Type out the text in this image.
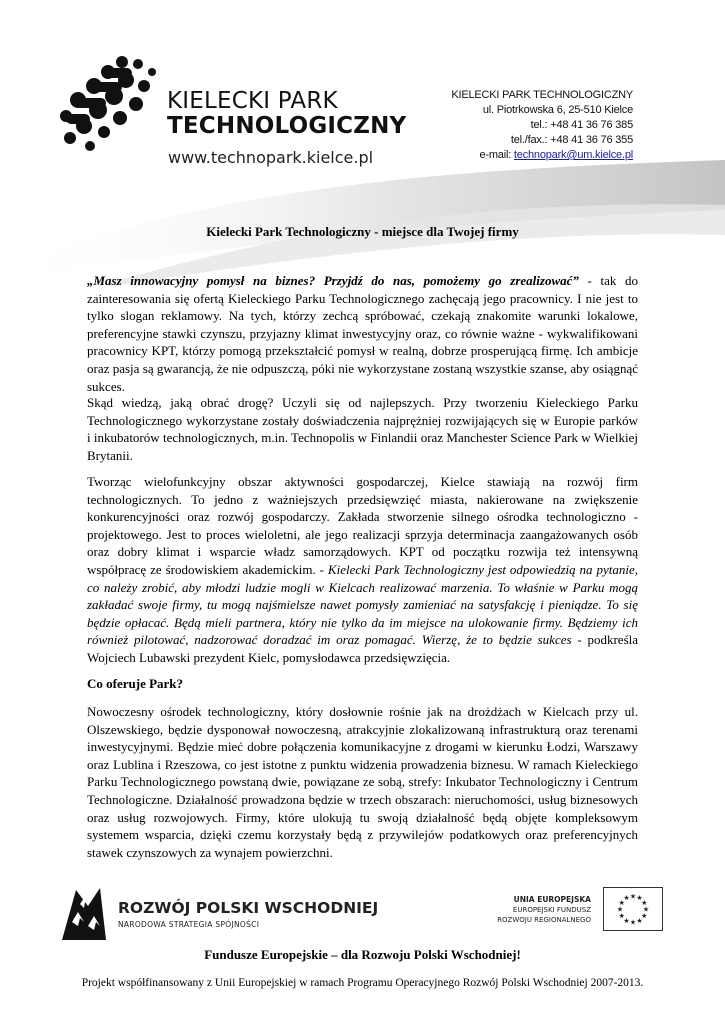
KIELECKI PARK
TECHNOLOGICZNY
www.technopark.kielce.pl
KIELECKI PARK TECHNOLOGICZNY
ul. Piotrkowska 6, 25-510 Kielce
tel.: +48 41 36 76 385
tel./fax.: +48 41 36 76 355
e-mail: technopark@um.kielce.pl
Kielecki Park Technologiczny - miejsce dla Twojej firmy

„Masz innowacyjny pomysł na biznes? Przyjdź do nas, pomożemy go zrealizować” - tak do zainteresowania się ofertą Kieleckiego Parku Technologicznego zachęcają jego pracownicy. I nie jest to tylko slogan reklamowy. Na tych, którzy zechcą spróbować, czekają znakomite warunki lokalowe, preferencyjne stawki czynszu, przyjazny klimat inwestycyjny oraz, co równie ważne - wykwalifikowani pracownicy KPT, którzy pomogą przekształcić pomysł w realną, dobrze prosperującą firmę. Ich ambicje oraz pasja są gwarancją, że nie odpuszczą, póki nie wykorzystane zostaną wszystkie szanse, aby osiągnąć sukces.

Skąd wiedzą, jaką obrać drogę? Uczyli się od najlepszych. Przy tworzeniu Kieleckiego Parku Technologicznego wykorzystane zostały doświadczenia najprężniej rozwijających się w Europie parków i inkubatorów technologicznych, m.in. Technopolis w Finlandii oraz Manchester Science Park w Wielkiej Brytanii.

Tworząc wielofunkcyjny obszar aktywności gospodarczej, Kielce stawiają na rozwój firm technologicznych. To jedno z ważniejszych przedsięwzięć miasta, nakierowane na zwiększenie konkurencyjności oraz rozwój gospodarczy. Zakłada stworzenie silnego ośrodka technologiczno - projektowego. Jest to proces wieloletni, ale jego realizacji sprzyja determinacja zaangażowanych osób oraz dobry klimat i wsparcie władz samorządowych. KPT od początku rozwija też intensywną współpracę ze środowiskiem akademickim. - Kielecki Park Technologiczny jest odpowiedzią na pytanie, co należy zrobić, aby młodzi ludzie mogli w Kielcach realizować marzenia. To właśnie w Parku mogą zakładać swoje firmy, tu mogą najśmielsze nawet pomysły zamieniać na satysfakcję i pieniądze. To się będzie opłacać. Będą mieli partnera, który nie tylko da im miejsce na ulokowanie firmy. Będziemy ich również pilotować, nadzorować doradzać im oraz pomagać. Wierzę, że to będzie sukces - podkreśla Wojciech Lubawski prezydent Kielc, pomysłodawca przedsięwzięcia.

Co oferuje Park?

Nowoczesny ośrodek technologiczny, który dosłownie rośnie jak na drożdżach w Kielcach przy ul. Olszewskiego, będzie dysponował nowoczesną, atrakcyjnie zlokalizowaną infrastrukturą oraz terenami inwestycyjnymi. Będzie mieć dobre połączenia komunikacyjne z drogami w kierunku Łodzi, Warszawy oraz Lublina i Rzeszowa, co jest istotne z punktu widzenia prowadzenia biznesu. W ramach Kieleckiego Parku Technologicznego powstaną dwie, powiązane ze sobą, strefy: Inkubator Technologiczny i Centrum Technologiczne. Działalność prowadzona będzie w trzech obszarach: nieruchomości, usług biznesowych oraz usług rozwojowych. Firmy, które ulokują tu swoją działalność będą objęte kompleksowym systemem wsparcia, dzięki czemu korzystały będą z przywilejów podatkowych oraz preferencyjnych stawek czynszowych za wynajem powierzchni.

ROZWÓJ POLSKI WSCHODNIEJ
NARODOWA STRATEGIA SPÓJNOŚCI
UNIA EUROPEJSKA
EUROPEJSKI FUNDUSZ
ROZWOJU REGIONALNEGO
★ ★
★
★
★
★
★
★
★
★
★
★
Fundusze Europejskie – dla Rozwoju Polski Wschodniej!
Projekt współfinansowany z Unii Europejskiej w ramach Programu Operacyjnego Rozwój Polski Wschodniej 2007-2013.
